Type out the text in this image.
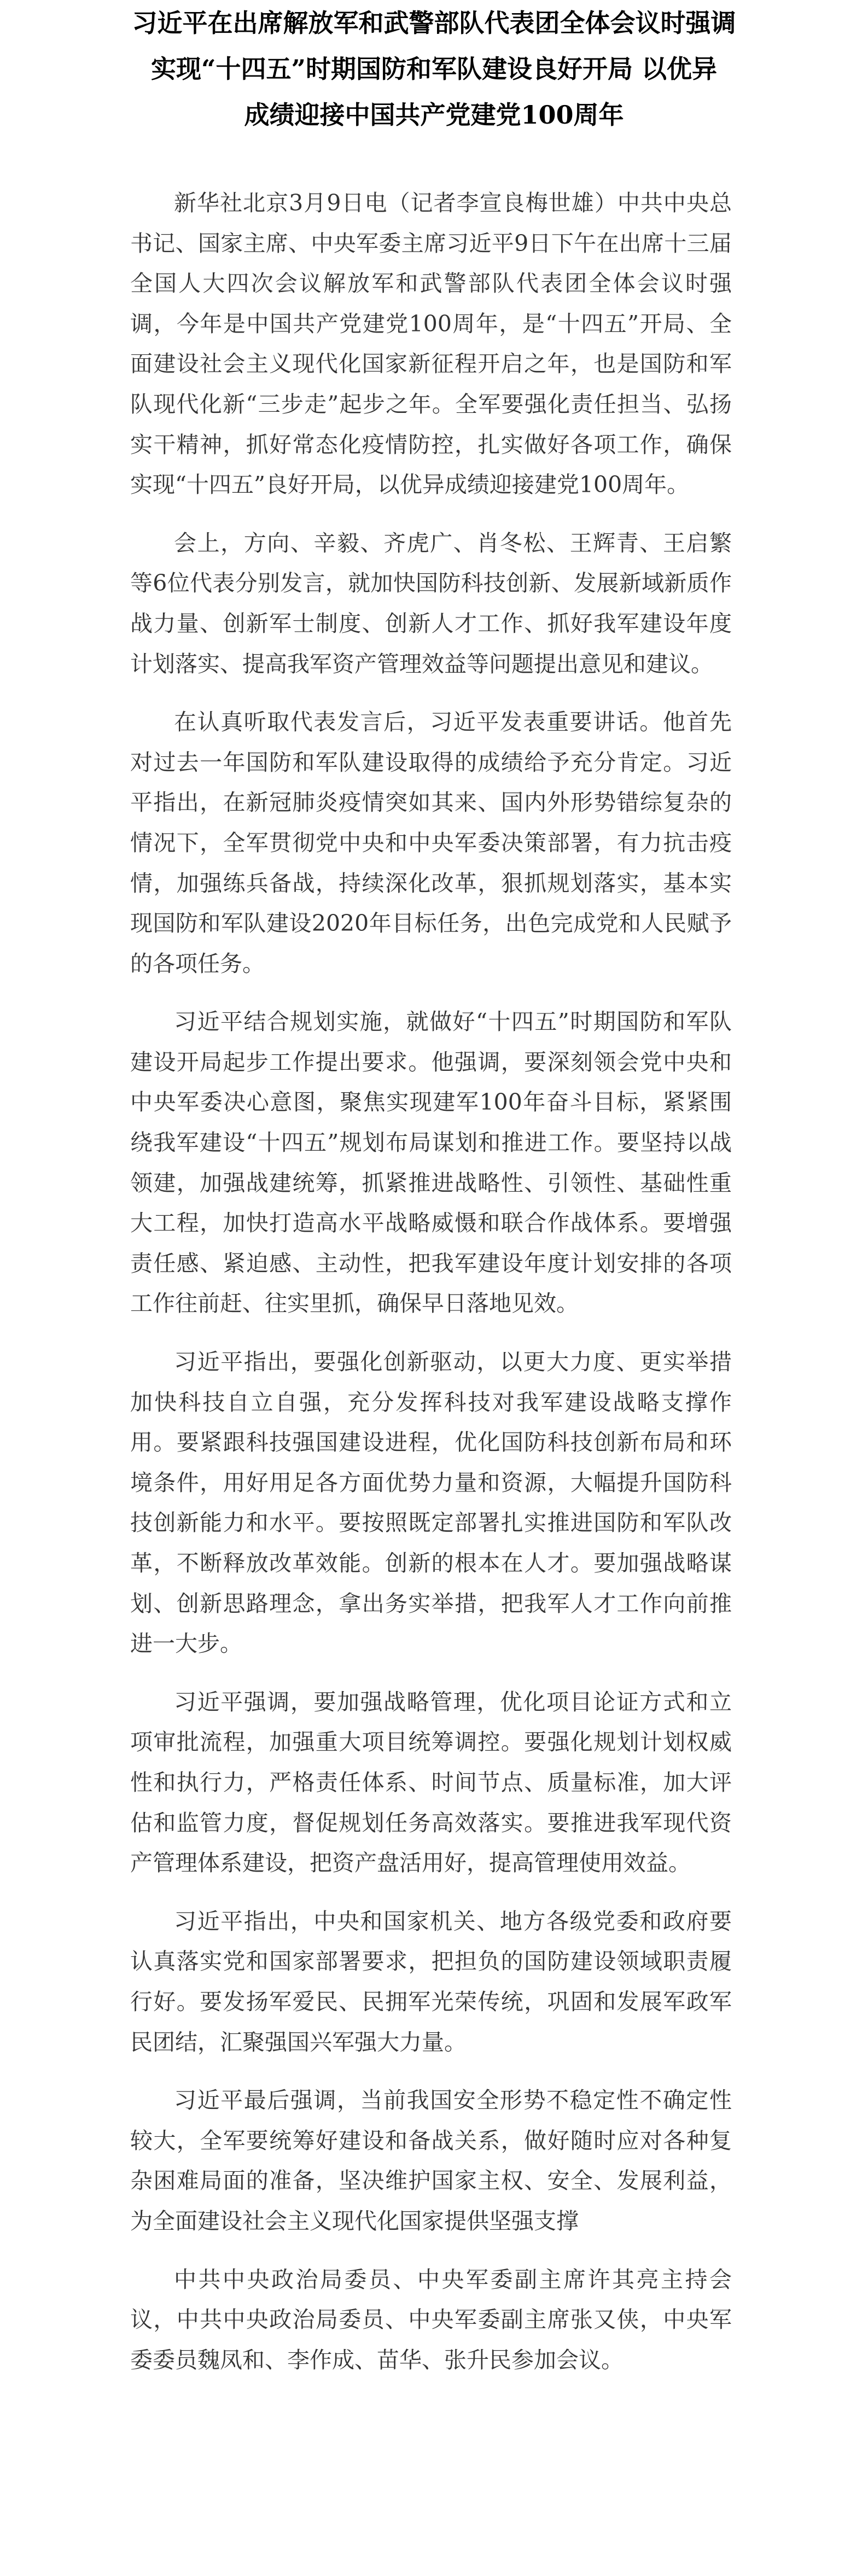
习近平在出席解放军和武警部队代表团全体会议时强调
实现“十四五”时期国防和军队建设良好开局 以优异
成绩迎接中国共产党建党100周年

新华社北京3月9日电（记者李宣良梅世雄）中共中央总书记、国家主席、中央军委主席习近平9日下午在出席十三届全国人大四次会议解放军和武警部队代表团全体会议时强调，今年是中国共产党建党100周年，是“十四五”开局、全面建设社会主义现代化国家新征程开启之年，也是国防和军队现代化新“三步走”起步之年。全军要强化责任担当、弘扬实干精神，抓好常态化疫情防控，扎实做好各项工作，确保实现“十四五”良好开局，以优异成绩迎接建党100周年。

会上，方向、辛毅、齐虎广、肖冬松、王辉青、王启繁等6位代表分别发言，就加快国防科技创新、发展新域新质作战力量、创新军士制度、创新人才工作、抓好我军建设年度计划落实、提高我军资产管理效益等问题提出意见和建议。

在认真听取代表发言后，习近平发表重要讲话。他首先对过去一年国防和军队建设取得的成绩给予充分肯定。习近平指出，在新冠肺炎疫情突如其来、国内外形势错综复杂的情况下，全军贯彻党中央和中央军委决策部署，有力抗击疫情，加强练兵备战，持续深化改革，狠抓规划落实，基本实现国防和军队建设2020年目标任务，出色完成党和人民赋予的各项任务。

习近平结合规划实施，就做好“十四五”时期国防和军队建设开局起步工作提出要求。他强调，要深刻领会党中央和中央军委决心意图，聚焦实现建军100年奋斗目标，紧紧围绕我军建设“十四五”规划布局谋划和推进工作。要坚持以战领建，加强战建统筹，抓紧推进战略性、引领性、基础性重大工程，加快打造高水平战略威慑和联合作战体系。要增强责任感、紧迫感、主动性，把我军建设年度计划安排的各项工作往前赶、往实里抓，确保早日落地见效。

习近平指出，要强化创新驱动，以更大力度、更实举措加快科技自立自强，充分发挥科技对我军建设战略支撑作用。要紧跟科技强国建设进程，优化国防科技创新布局和环境条件，用好用足各方面优势力量和资源，大幅提升国防科技创新能力和水平。要按照既定部署扎实推进国防和军队改革，不断释放改革效能。创新的根本在人才。要加强战略谋划、创新思路理念，拿出务实举措，把我军人才工作向前推进一大步。

习近平强调，要加强战略管理，优化项目论证方式和立项审批流程，加强重大项目统筹调控。要强化规划计划权威性和执行力，严格责任体系、时间节点、质量标准，加大评估和监管力度，督促规划任务高效落实。要推进我军现代资产管理体系建设，把资产盘活用好，提高管理使用效益。

习近平指出，中央和国家机关、地方各级党委和政府要认真落实党和国家部署要求，把担负的国防建设领域职责履行好。要发扬军爱民、民拥军光荣传统，巩固和发展军政军民团结，汇聚强国兴军强大力量。

习近平最后强调，当前我国安全形势不稳定性不确定性较大，全军要统筹好建设和备战关系，做好随时应对各种复杂困难局面的准备，坚决维护国家主权、安全、发展利益，为全面建设社会主义现代化国家提供坚强支撑

中共中央政治局委员、中央军委副主席许其亮主持会议，中共中央政治局委员、中央军委副主席张又侠，中央军委委员魏凤和、李作成、苗华、张升民参加会议。
